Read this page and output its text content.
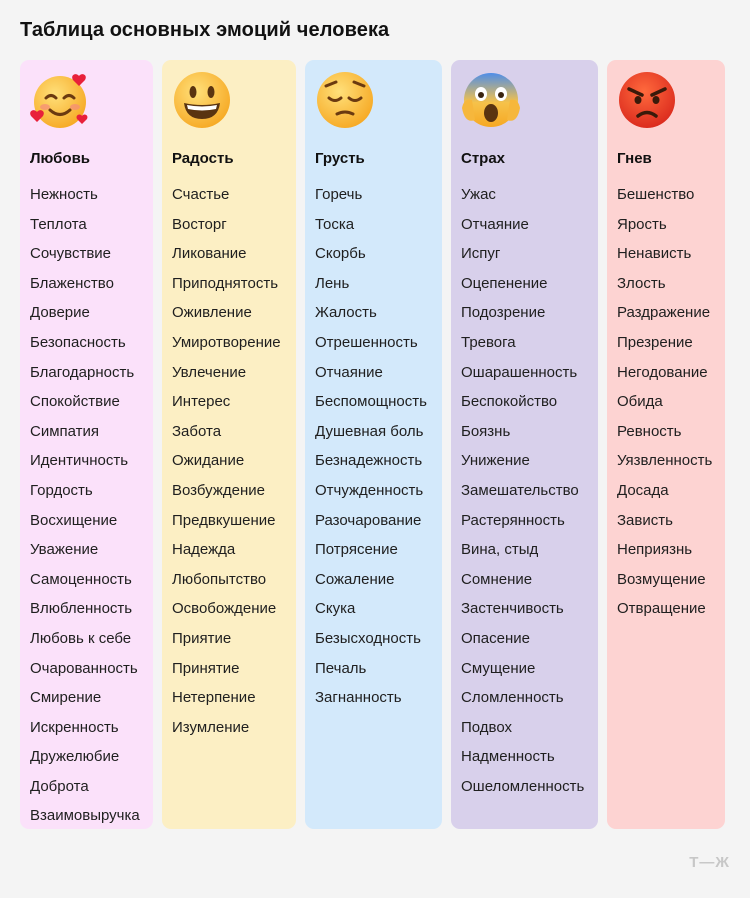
Таблица основных эмоций человека
Любовь
Нежность
Теплота
Сочувствие
Блаженство
Доверие
Безопасность
Благодарность
Спокойствие
Симпатия
Идентичность
Гордость
Восхищение
Уважение
Самоценность
Влюбленность
Любовь к себе
Очарованность
Смирение
Искренность
Дружелюбие
Доброта
Взаимовыручка
Радость
Счастье
Восторг
Ликование
Приподнятость
Оживление
Умиротворение
Увлечение
Интерес
Забота
Ожидание
Возбуждение
Предвкушение
Надежда
Любопытство
Освобождение
Приятие
Принятие
Нетерпение
Изумление
Грусть
Горечь
Тоска
Скорбь
Лень
Жалость
Отрешенность
Отчаяние
Беспомощность
Душевная боль
Безнадежность
Отчужденность
Разочарование
Потрясение
Сожаление
Скука
Безысходность
Печаль
Загнанность
Страх
Ужас
Отчаяние
Испуг
Оцепенение
Подозрение
Тревога
Ошарашенность
Беспокойство
Боязнь
Унижение
Замешательство
Растерянность
Вина, стыд
Сомнение
Застенчивость
Опасение
Смущение
Сломленность
Подвох
Надменность
Ошеломленность
Гнев
Бешенство
Ярость
Ненависть
Злость
Раздражение
Презрение
Негодование
Обида
Ревность
Уязвленность
Досада
Зависть
Неприязнь
Возмущение
Отвращение
Т—Ж
